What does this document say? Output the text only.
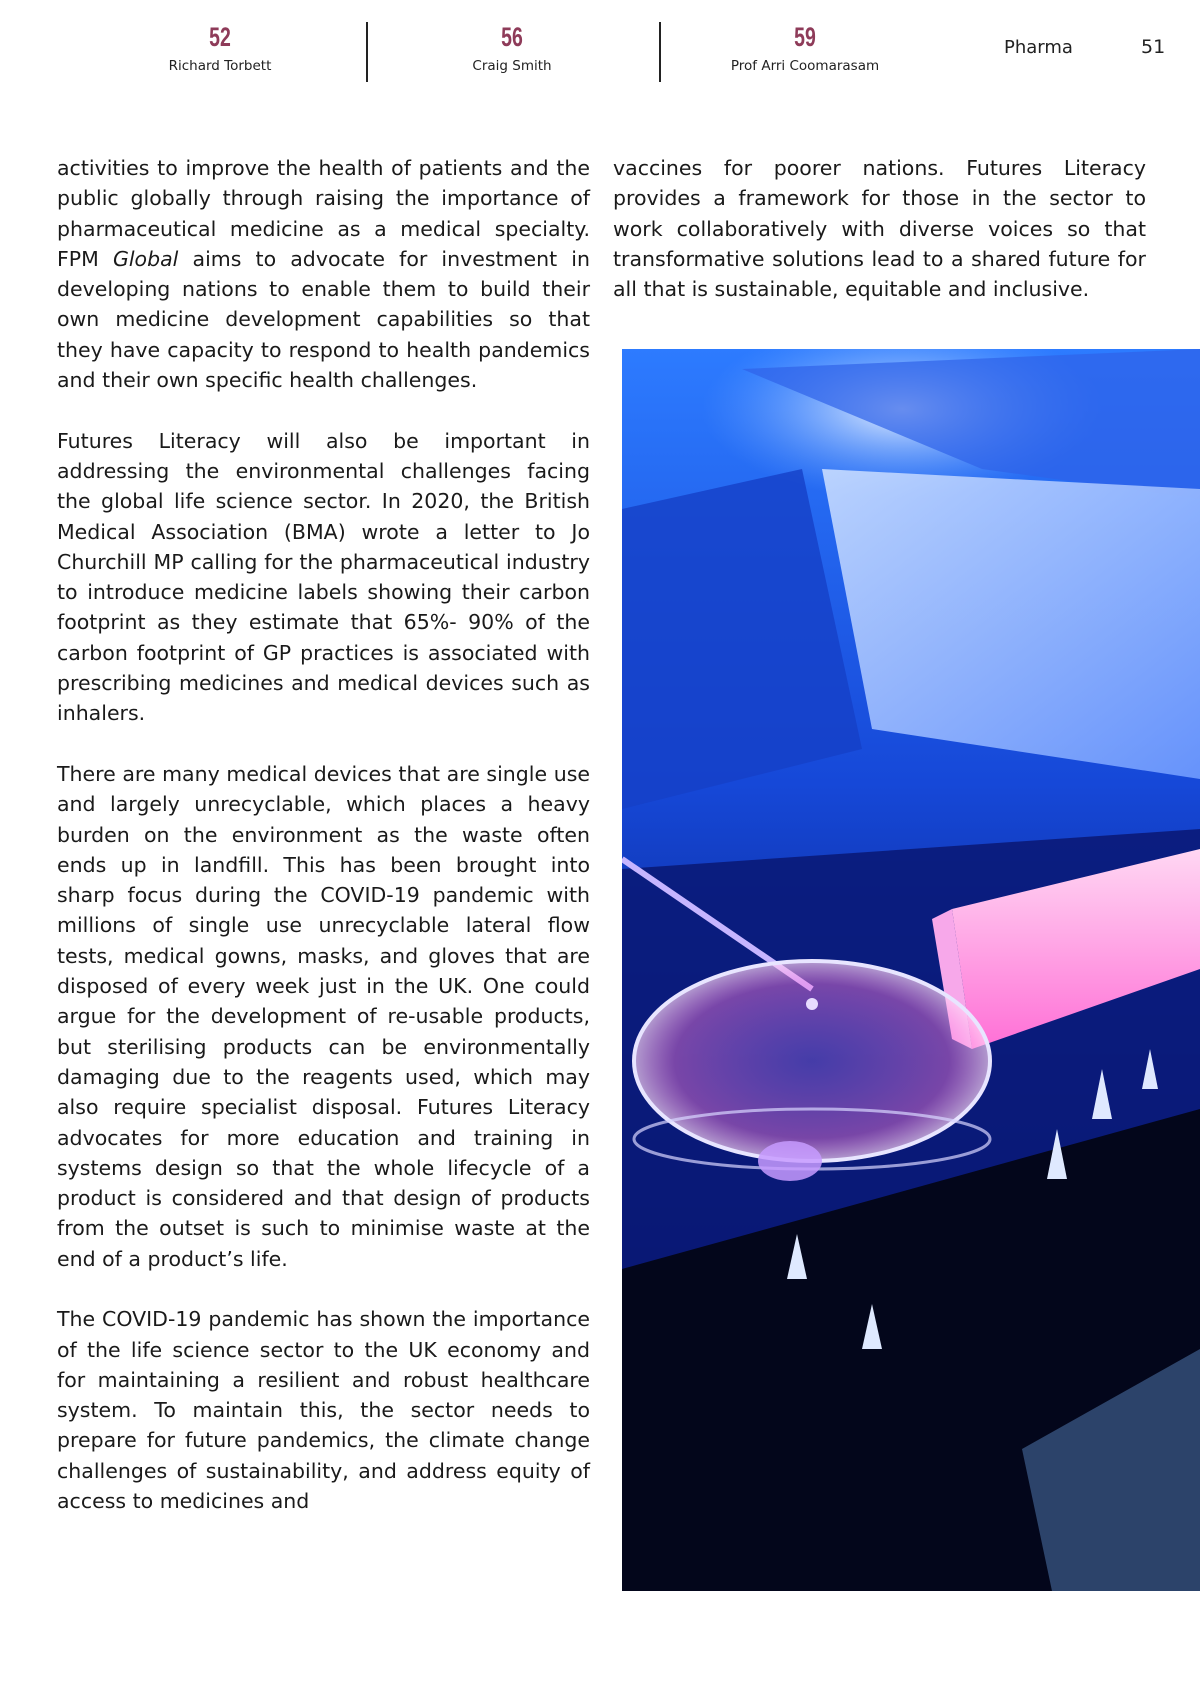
52
Richard Torbett
56
Craig Smith
59
Prof Arri Coomarasam
Pharma	51

activities to improve the health of patients and the public globally through raising the importance of pharmaceutical medicine as a medical specialty. FPM Global aims to advocate for investment in developing nations to enable them to build their own medicine development capabilities so that they have capacity to respond to health pandemics and their own specific health challenges.

Futures Literacy will also be important in addressing the environmental challenges facing the global life science sector. In 2020, the British Medical Association (BMA) wrote a letter to Jo Churchill MP calling for the pharmaceutical industry to introduce medicine labels showing their carbon footprint as they estimate that 65%- 90% of the carbon footprint of GP practices is associated with prescribing medicines and medical devices such as inhalers.

There are many medical devices that are single use and largely unrecyclable, which places a heavy burden on the environment as the waste often ends up in landfill. This has been brought into sharp focus during the COVID-19 pandemic with millions of single use unrecyclable lateral flow tests, medical gowns, masks, and gloves that are disposed of every week just in the UK. One could argue for the development of re-usable products, but sterilising products can be environmentally damaging due to the reagents used, which may also require specialist disposal. Futures Literacy advocates for more education and training in systems design so that the whole lifecycle of a product is considered and that design of products from the outset is such to minimise waste at the end of a product’s life.

The COVID-19 pandemic has shown the importance of the life science sector to the UK economy and for maintaining a resilient and robust healthcare system. To maintain this, the sector needs to prepare for future pandemics, the climate change challenges of sustainability, and address equity of access to medicines and

vaccines for poorer nations. Futures Literacy provides a framework for those in the sector to work collaboratively with diverse voices so that transformative solutions lead to a shared future for all that is sustainable, equitable and inclusive.
